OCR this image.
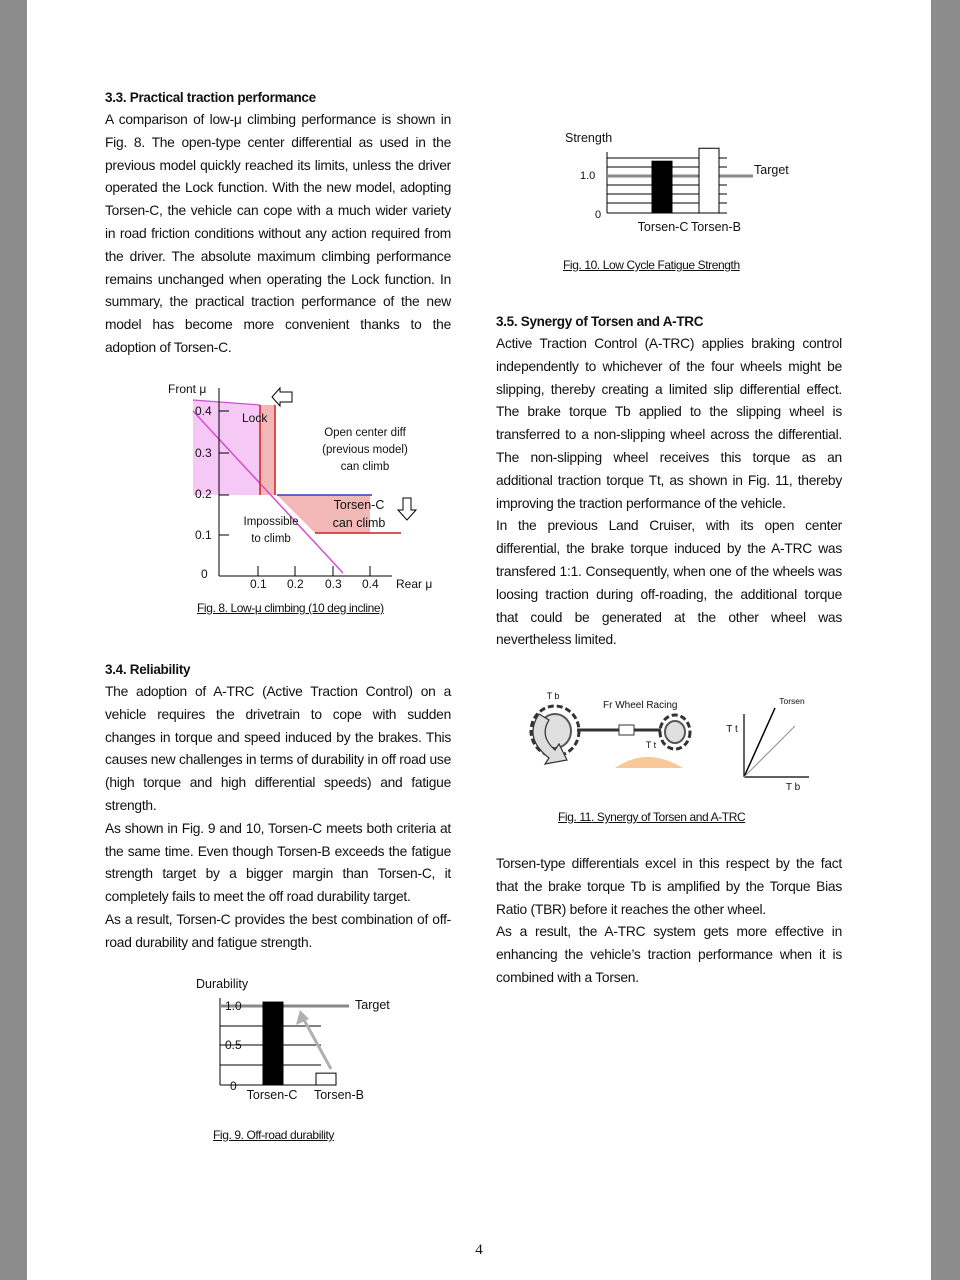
3.3. Practical traction performance

A comparison of low-μ climbing performance is shown in Fig. 8. The open-type center differential as used in the previous model quickly reached its limits, unless the driver operated the Lock function. With the new model, adopting Torsen-C, the vehicle can cope with a much wider variety in road friction conditions without any action required from the driver. The absolute maximum climbing performance remains unchanged when operating the Lock function. In summary, the practical traction performance of the new model has become more convenient thanks to the adoption of Torsen-C.

Front μ
0.4
0.3
0.2
0.1
0
0.1 0.2 0.3 0.4 Rear μ
Lock
Open center diff
(previous model)
can climb
Torsen-C
can climb
Impossible
to climb
Fig. 8. Low-μ climbing (10 deg incline)

3.4. Reliability

The adoption of A-TRC (Active Traction Control) on a vehicle requires the drivetrain to cope with sudden changes in torque and speed induced by the brakes. This causes new challenges in terms of durability in off road use (high torque and high differential speeds) and fatigue strength.

As shown in Fig. 9 and 10, Torsen-C meets both criteria at the same time. Even though Torsen-B exceeds the fatigue strength target by a bigger margin than Torsen-C, it completely fails to meet the off road durability target.

As a result, Torsen-C provides the best combination of off-road durability and fatigue strength.

Durability
1.0
0.5
0
Target
Torsen-C Torsen-B
Fig. 9. Off-road durability
Strength
1.0
0
Target
Torsen-C Torsen-B
Fig. 10. Low Cycle Fatigue Strength

3.5. Synergy of Torsen and A-TRC

Active Traction Control (A-TRC) applies braking control independently to whichever of the four wheels might be slipping, thereby creating a limited slip differential effect. The brake torque Tb applied to the slipping wheel is transferred to a non-slipping wheel across the differential. The non-slipping wheel receives this torque as an additional traction torque Tt, as shown in Fig. 11, thereby improving the traction performance of the vehicle.

In the previous Land Cruiser, with its open center differential, the brake torque induced by the A-TRC was transfered 1:1. Consequently, when one of the wheels was loosing traction during off-roading, the additional torque that could be generated at the other wheel was nevertheless limited.

T b
Fr Wheel Racing
T t
T t
T b
Torsen
Fig. 11. Synergy of Torsen and A-TRC

Torsen-type differentials excel in this respect by the fact that the brake torque Tb is amplified by the Torque Bias Ratio (TBR) before it reaches the other wheel.

As a result, the A-TRC system gets more effective in enhancing the vehicle’s traction performance when it is combined with a Torsen.

4
